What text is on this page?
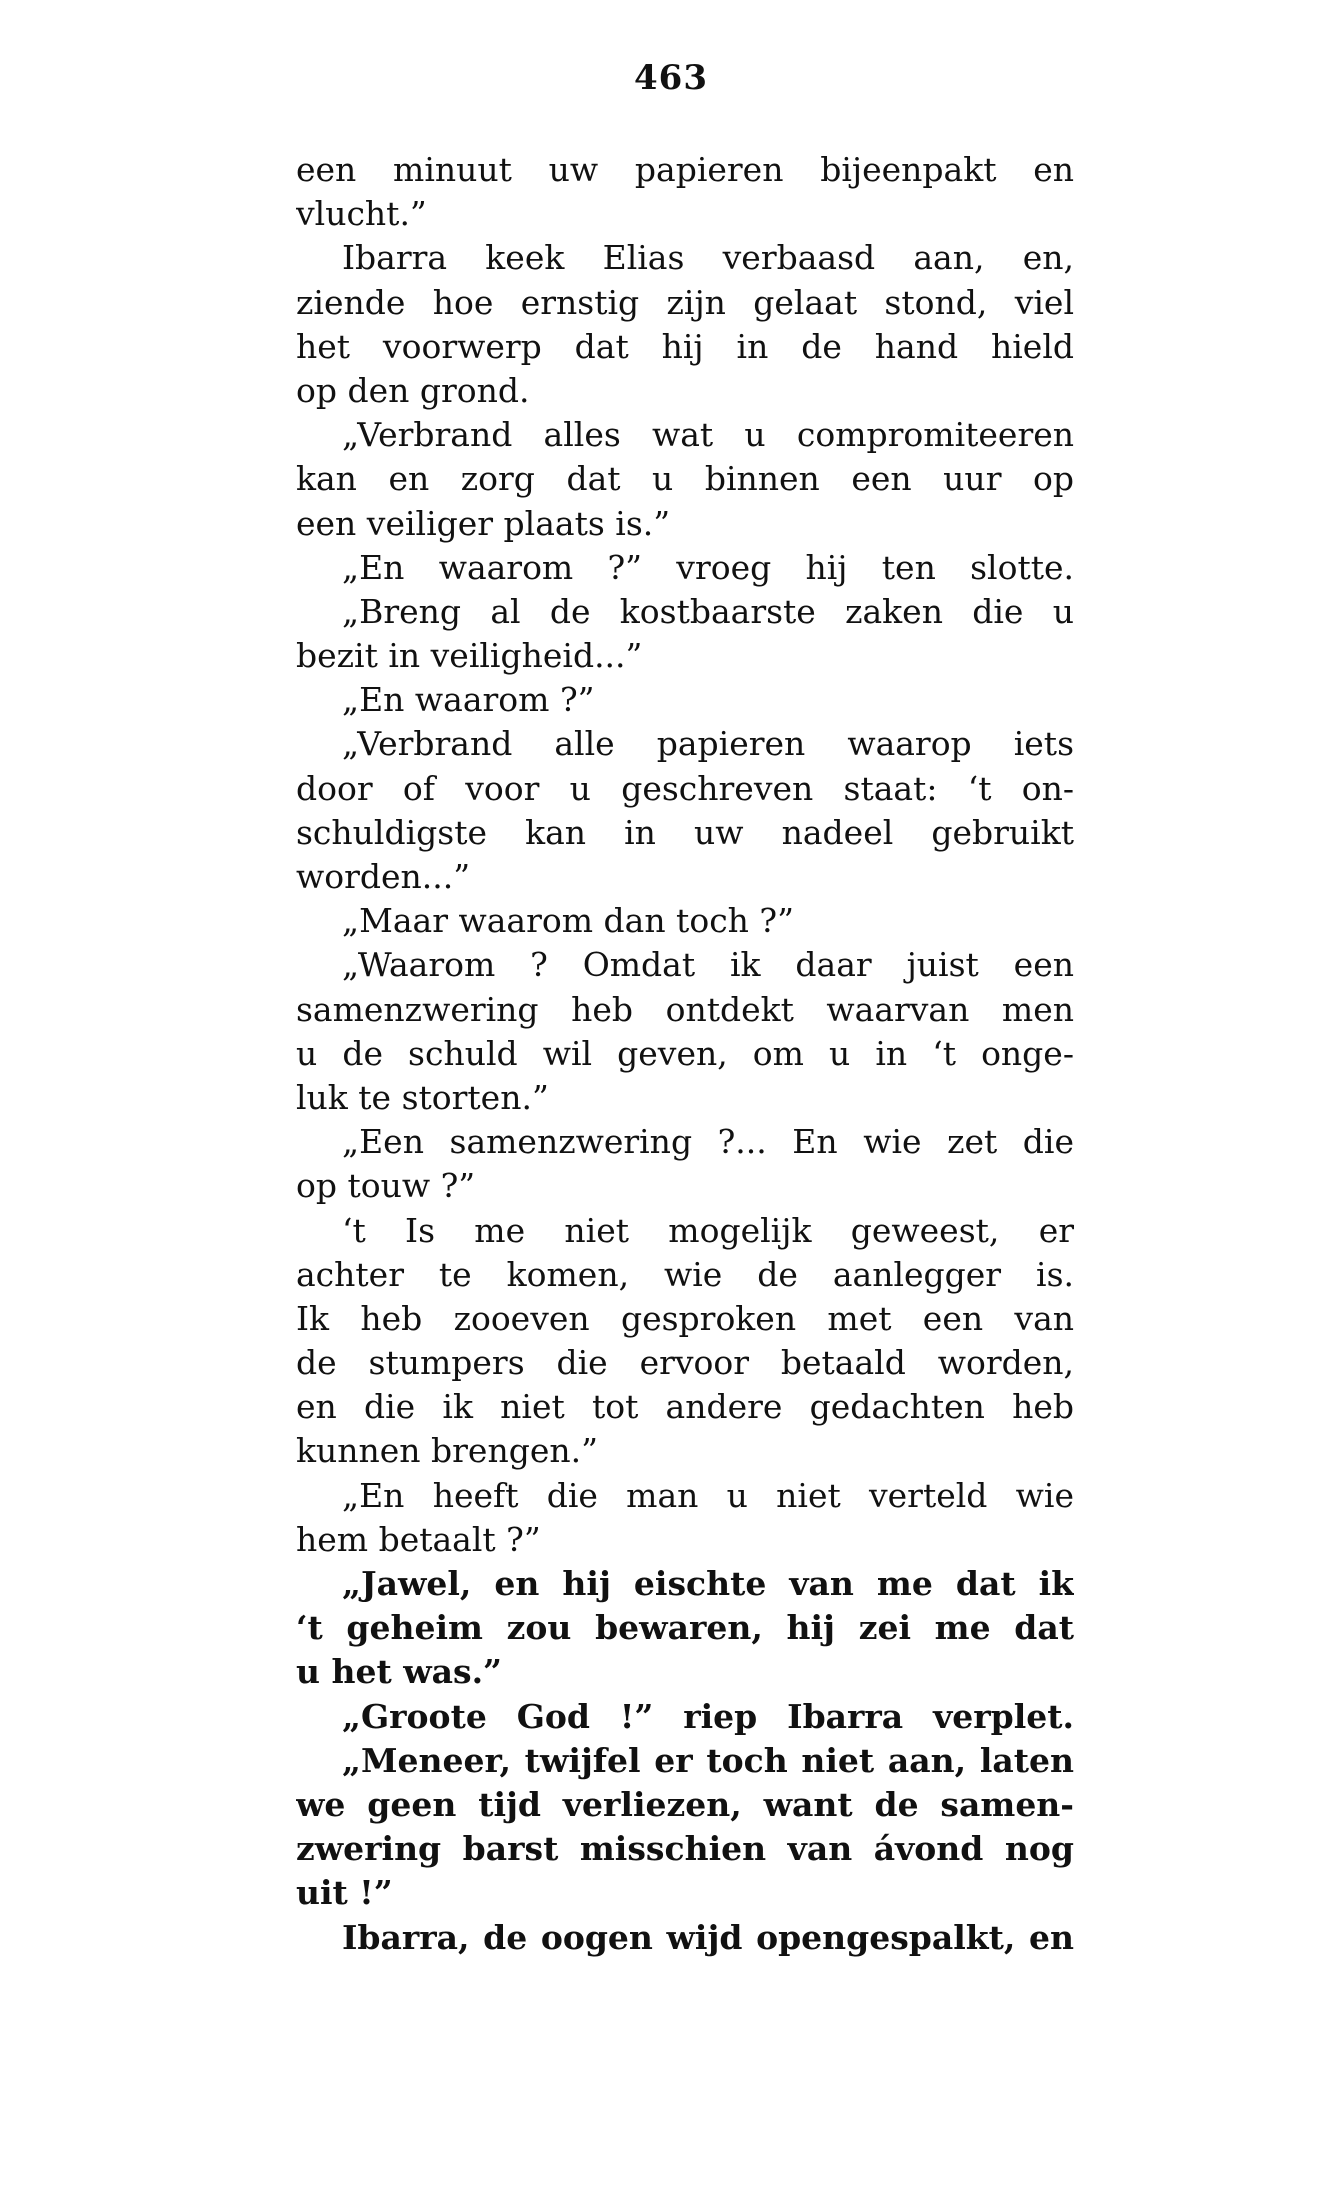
463
een minuut uw papieren bijeenpakt en
vlucht.”
Ibarra keek Elias verbaasd aan, en,
ziende hoe ernstig zijn gelaat stond, viel
het voorwerp dat hij in de hand hield
op den grond.
„Verbrand alles wat u compromiteeren
kan en zorg dat u binnen een uur op
een veiliger plaats is.”
„En waarom ?” vroeg hij ten slotte.
„Breng al de kostbaarste zaken die u
bezit in veiligheid...”
„En waarom ?”
„Verbrand alle papieren waarop iets
door of voor u geschreven staat: ‘t on-
schuldigste kan in uw nadeel gebruikt
worden...”
„Maar waarom dan toch ?”
„Waarom ? Omdat ik daar juist een
samenzwering heb ontdekt waarvan men
u de schuld wil geven, om u in ‘t onge-
luk te storten.”
„Een samenzwering ?... En wie zet die
op touw ?”
‘t Is me niet mogelijk geweest, er
achter te komen, wie de aanlegger is.
Ik heb zooeven gesproken met een van
de stumpers die ervoor betaald worden,
en die ik niet tot andere gedachten heb
kunnen brengen.”
„En heeft die man u niet verteld wie
hem betaalt ?”
„Jawel, en hij eischte van me dat ik
‘t geheim zou bewaren, hij zei me dat
u het was.”
„Groote God !” riep Ibarra verplet.
„Meneer, twijfel er toch niet aan, laten
we geen tijd verliezen, want de samen-
zwering barst misschien van ávond nog
uit !”
Ibarra, de oogen wijd opengespalkt, en
